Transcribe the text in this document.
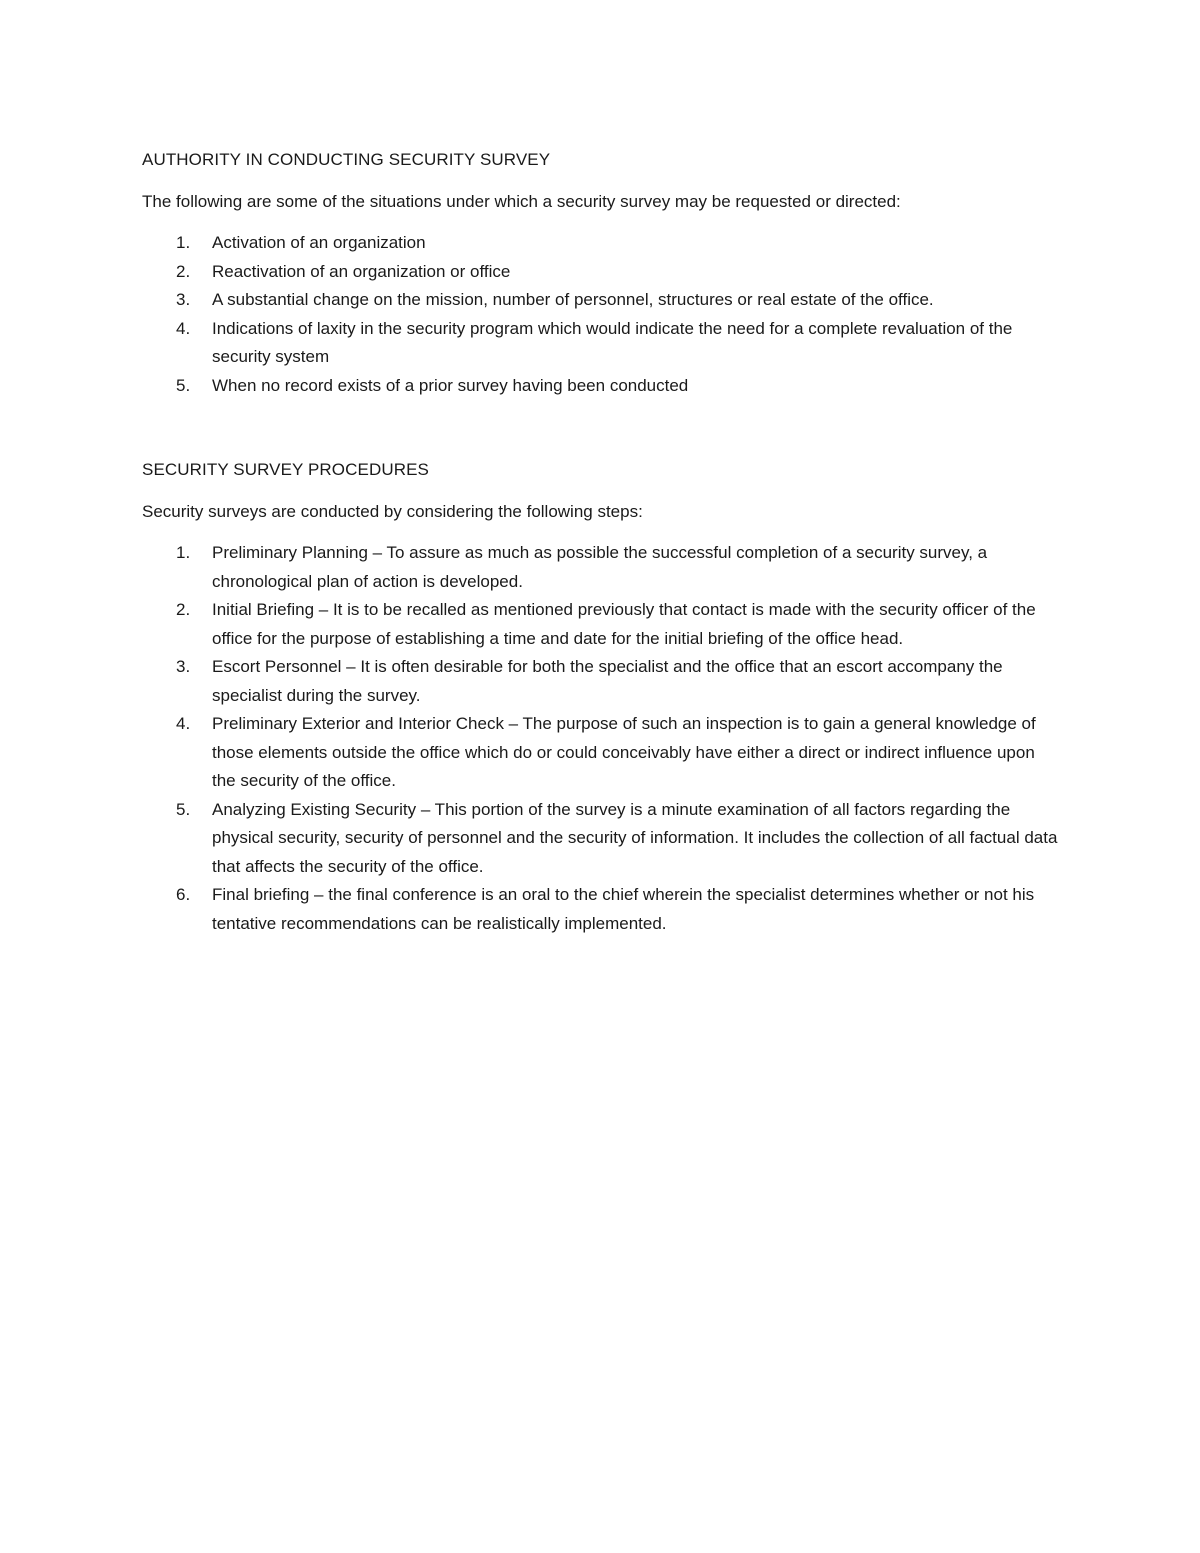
AUTHORITY IN CONDUCTING SECURITY SURVEY

The following are some of the situations under which a security survey may be requested or directed:

1. Activation of an organization
2. Reactivation of an organization or office
3. A substantial change on the mission, number of personnel, structures or real estate of the office.
4. Indications of laxity in the security program which would indicate the need for a complete revaluation of the security system
5. When no record exists of a prior survey having been conducted

SECURITY SURVEY PROCEDURES

Security surveys are conducted by considering the following steps:

1. Preliminary Planning – To assure as much as possible the successful completion of a security survey, a chronological plan of action is developed.
2. Initial Briefing – It is to be recalled as mentioned previously that contact is made with the security officer of the office for the purpose of establishing a time and date for the initial briefing of the office head.
3. Escort Personnel – It is often desirable for both the specialist and the office that an escort accompany the specialist during the survey.
4. Preliminary Exterior and Interior Check – The purpose of such an inspection is to gain a general knowledge of those elements outside the office which do or could conceivably have either a direct or indirect influence upon the security of the office.
5. Analyzing Existing Security – This portion of the survey is a minute examination of all factors regarding the physical security, security of personnel and the security of information. It includes the collection of all factual data that affects the security of the office.
6. Final briefing – the final conference is an oral to the chief wherein the specialist determines whether or not his tentative recommendations can be realistically implemented.
